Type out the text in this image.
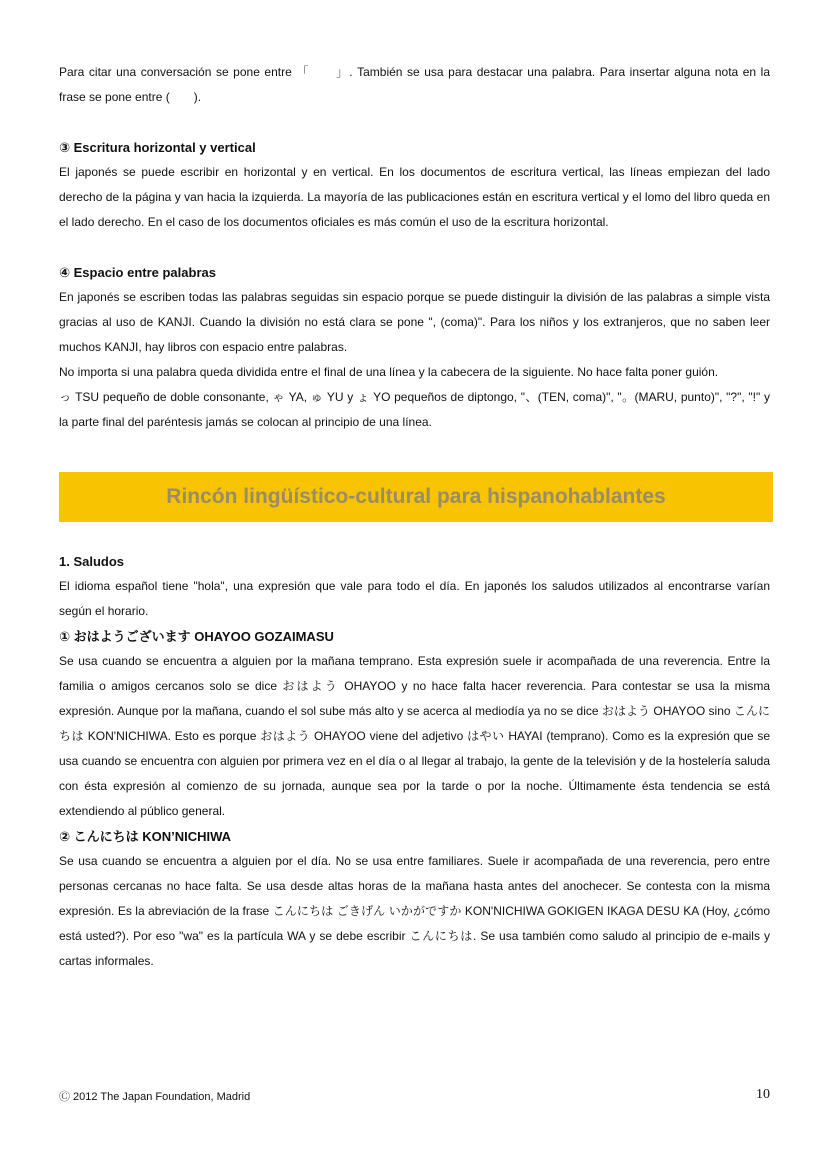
Para citar una conversación se pone entre 「　　」. También se usa para destacar una palabra. Para insertar alguna nota en la frase se pone entre (　　).

③ Escritura horizontal y vertical

El japonés se puede escribir en horizontal y en vertical. En los documentos de escritura vertical, las líneas empiezan del lado derecho de la página y van hacia la izquierda. La mayoría de las publicaciones están en escritura vertical y el lomo del libro queda en el lado derecho. En el caso de los documentos oficiales es más común el uso de la escritura horizontal.

④ Espacio entre palabras

En japonés se escriben todas las palabras seguidas sin espacio porque se puede distinguir la división de las palabras a simple vista gracias al uso de KANJI. Cuando la división no está clara se pone ", (coma)". Para los niños y los extranjeros, que no saben leer muchos KANJI, hay libros con espacio entre palabras.

No importa si una palabra queda dividida entre el final de una línea y la cabecera de la siguiente. No hace falta poner guión.

っ TSU pequeño de doble consonante, ゃ YA, ゅ YU y ょ YO pequeños de diptongo, "、(TEN, coma)", "。(MARU, punto)", "?", "!" y la parte final del paréntesis jamás se colocan al principio de una línea.

Rincón lingüístico-cultural para hispanohablantes
1. Saludos

El idioma español tiene "hola", una expresión que vale para todo el día. En japonés los saludos utilizados al encontrarse varían según el horario.

① おはようございます OHAYOO GOZAIMASU

Se usa cuando se encuentra a alguien por la mañana temprano. Esta expresión suele ir acompañada de una reverencia. Entre la familia o amigos cercanos solo se dice おはよう OHAYOO y no hace falta hacer reverencia. Para contestar se usa la misma expresión. Aunque por la mañana, cuando el sol sube más alto y se acerca al mediodía ya no se dice おはよう OHAYOO sino こんにちは KON'NICHIWA. Esto es porque おはよう OHAYOO viene del adjetivo はやい HAYAI (temprano). Como es la expresión que se usa cuando se encuentra con alguien por primera vez en el día o al llegar al trabajo, la gente de la televisión y de la hostelería saluda con ésta expresión al comienzo de su jornada, aunque sea por la tarde o por la noche. Últimamente ésta tendencia se está extendiendo al público general.

② こんにちは KON’NICHIWA

Se usa cuando se encuentra a alguien por el día. No se usa entre familiares. Suele ir acompañada de una reverencia, pero entre personas cercanas no hace falta. Se usa desde altas horas de la mañana hasta antes del anochecer. Se contesta con la misma expresión. Es la abreviación de la frase こんにちは ごきげん いかがですか KON'NICHIWA GOKIGEN IKAGA DESU KA (Hoy, ¿cómo está usted?). Por eso "wa" es la partícula WA y se debe escribir こんにちは. Se usa también como saludo al principio de e-mails y cartas informales.

Ⓒ 2012 The Japan Foundation, Madrid	10
